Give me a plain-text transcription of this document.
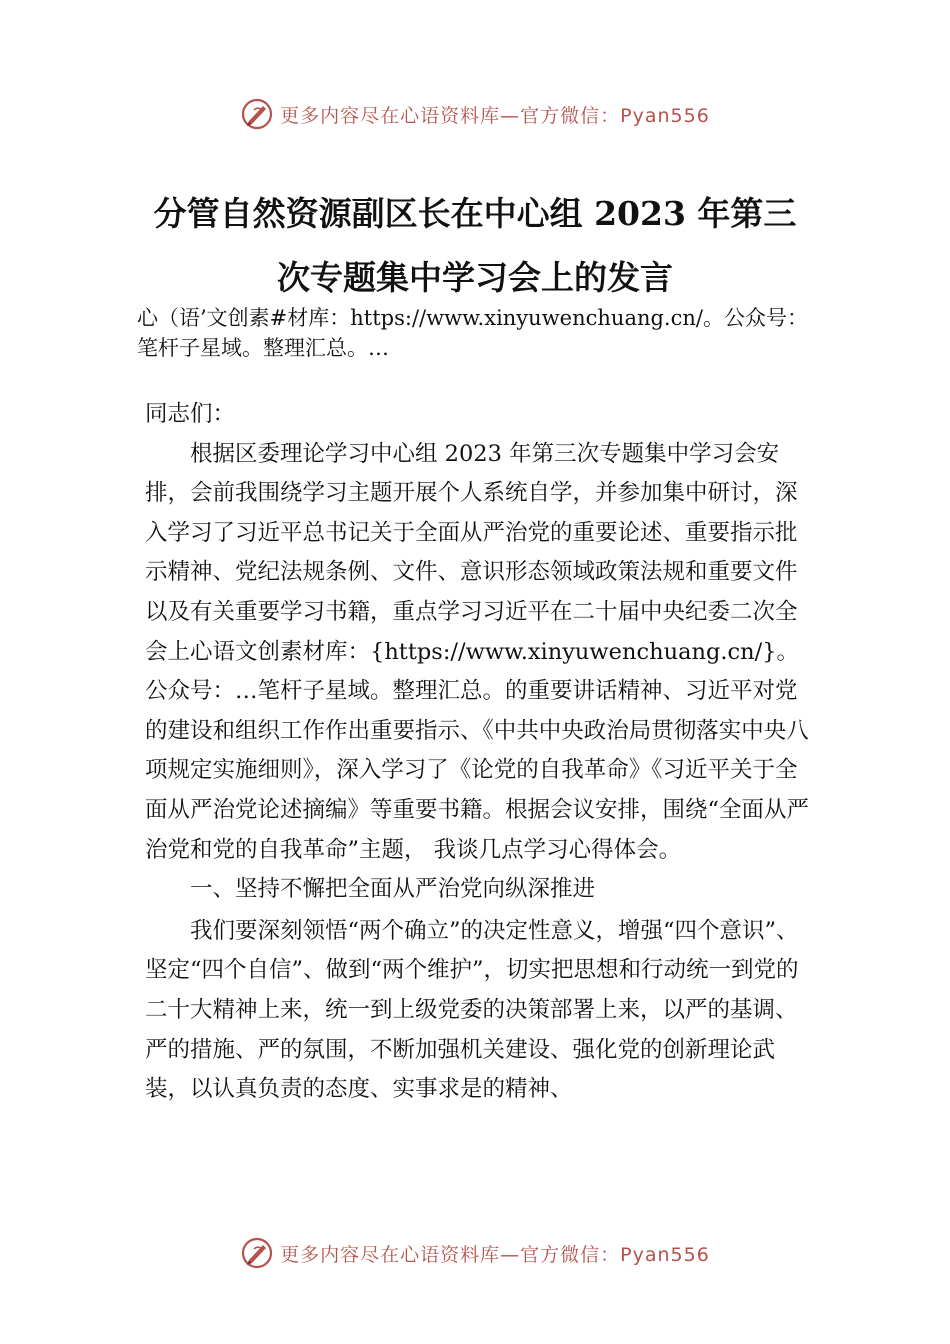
更多内容尽在心语资料库—官方微信：Pyan556
分管自然资源副区长在中心组 2023 年第三
次专题集中学习会上的发言

心（语’文创素#材库：https://www.xinyuwenchuang.cn/。公众号：笔杆子星域。整理汇总。…

同志们：

根据区委理论学习中心组 2023 年第三次专题集中学习会安排，会前我围绕学习主题开展个人系统自学，并参加集中研讨，深入学习了习近平总书记关于全面从严治党的重要论述、重要指示批示精神、党纪法规条例、文件、意识形态领域政策法规和重要文件以及有关重要学习书籍，重点学习习近平在二十届中央纪委二次全会上心语文创素材库：{https://www.xinyuwenchuang.cn/}。公众号：…笔杆子星域。整理汇总。的重要讲话精神、习近平对党的建设和组织工作作出重要指示、《中共中央政治局贯彻落实中央八项规定实施细则》，深入学习了《论党的自我革命》《习近平关于全面从严治党论述摘编》等重要书籍。根据会议安排，围绕“全面从严治党和党的自我革命”主题， 我谈几点学习心得体会。

一、坚持不懈把全面从严治党向纵深推进

我们要深刻领悟“两个确立”的决定性意义，增强“四个意识”、坚定“四个自信”、做到“两个维护”，切实把思想和行动统一到党的二十大精神上来，统一到上级党委的决策部署上来，以严的基调、严的措施、严的氛围，不断加强机关建设、强化党的创新理论武装，以认真负责的态度、实事求是的精神、

更多内容尽在心语资料库—官方微信：Pyan556
